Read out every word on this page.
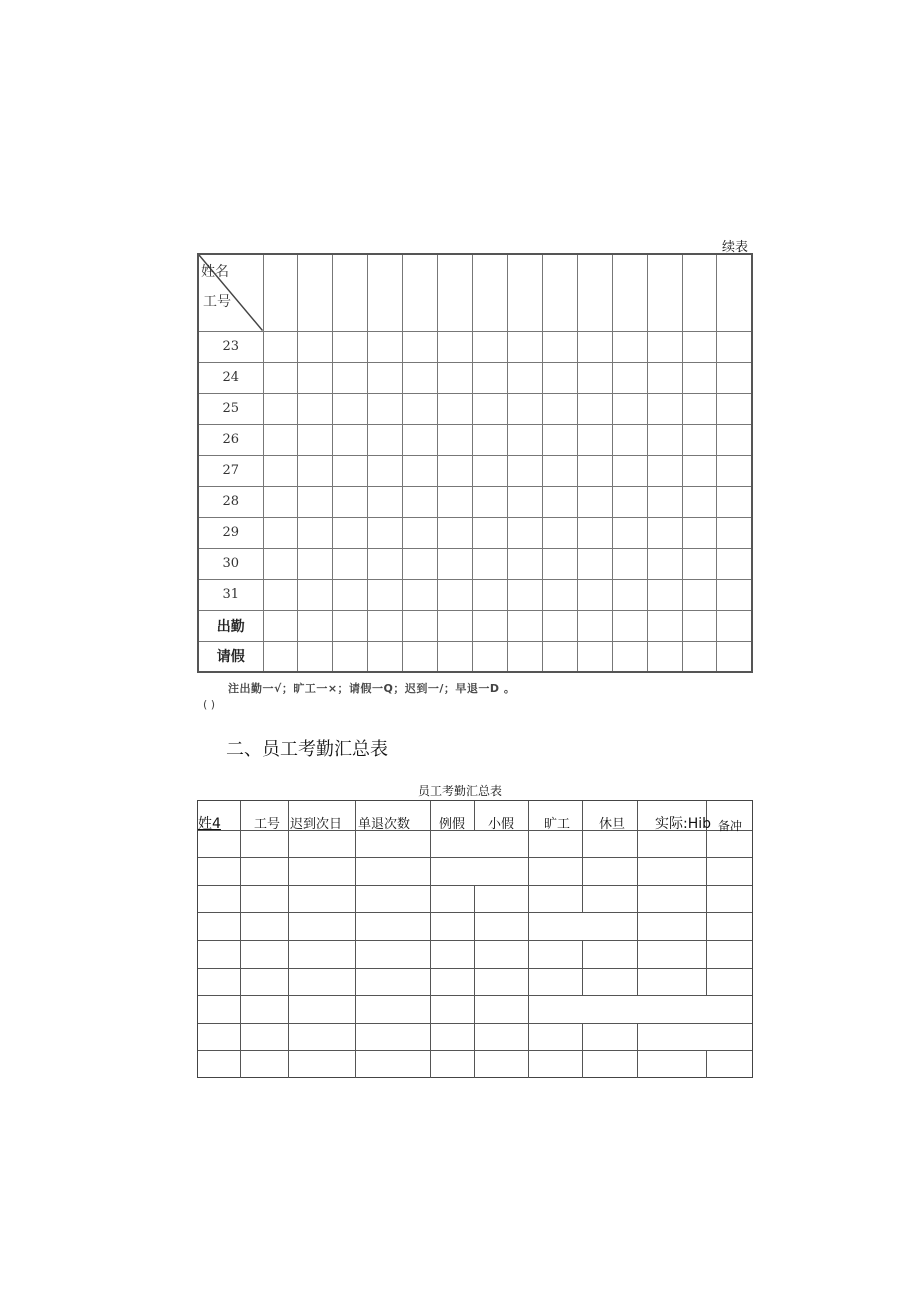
续表
姓名
工号														

23														
24														
25														
26														
27														
28														
29														
30														
31														
出勤														
请假														
注出勤一√；旷工一×；请假一Q；迟到一/；早退一D 。
( )
二、员工考勤汇总表
员工考勤汇总表
姓4	工号 迟到次日 单退次数 例假 小假 旷工 休旦 实际:Hib 备冲
